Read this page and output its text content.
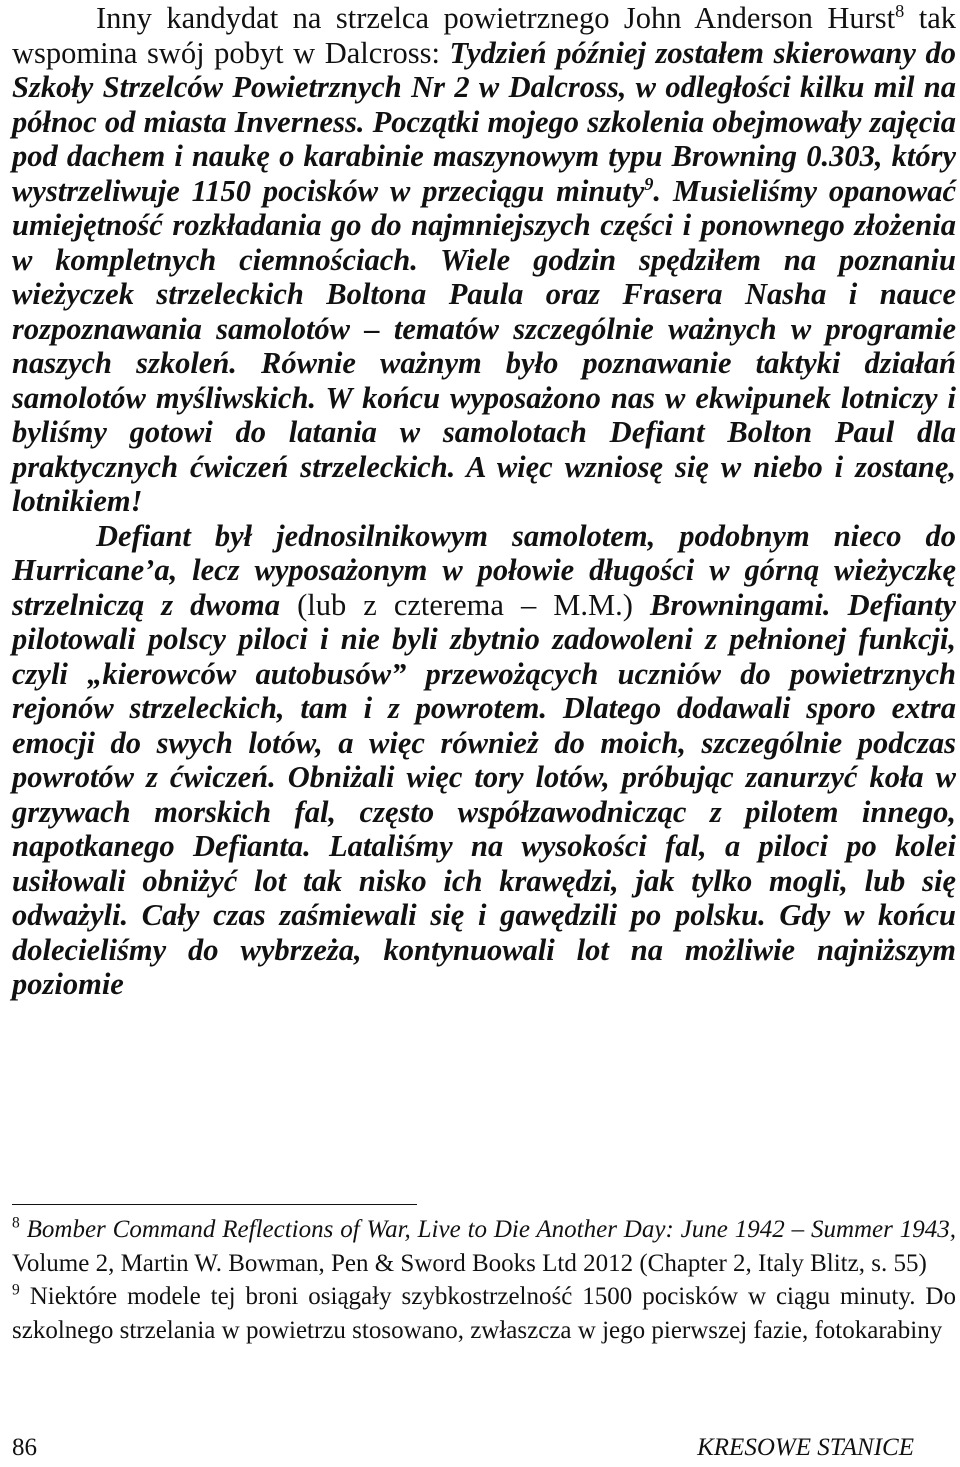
Inny kandydat na strzelca powietrznego John Anderson Hurst$^8$ tak wspomina swój pobyt w Dalcross: Tydzień później zostałem skierowany do Szkoły Strzelców Powietrznych Nr 2 w Dalcross, w odległości kilku mil na północ od miasta Inverness. Początki mojego szkolenia obejmowały zajęcia pod dachem i naukę o karabinie maszynowym typu Browning 0.303, który wystrzeliwuje 1150 pocisków w przeciągu minuty$^9$. Musieliśmy opanować umiejętność rozkładania go do najmniejszych części i ponownego złożenia w kompletnych ciemnościach. Wiele godzin spędziłem na poznaniu wieżyczek strzeleckich Boltona Paula oraz Frasera Nasha i nauce rozpoznawania samolotów – tematów szczególnie ważnych w programie naszych szkoleń. Równie ważnym było poznawanie taktyki działań samolotów myśliwskich. W końcu wyposażono nas w ekwipunek lotniczy i byliśmy gotowi do latania w samolotach Defiant Bolton Paul dla praktycznych ćwiczeń strzeleckich. A więc wzniosę się w niebo i zostanę, lotnikiem!

Defiant był jednosilnikowym samolotem, podobnym nieco do Hurricane’a, lecz wyposażonym w połowie długości w górną wieżyczkę strzelniczą z dwoma (lub z czterema – M.M.) Browningami. Defianty pilotowali polscy piloci i nie byli zbytnio zadowoleni z pełnionej funkcji, czyli „kierowców autobusów” przewożących uczniów do powietrznych rejonów strzeleckich, tam i z powrotem. Dlatego dodawali sporo extra emocji do swych lotów, a więc również do moich, szczególnie podczas powrotów z ćwiczeń. Obniżali więc tory lotów, próbując zanurzyć koła w grzywach morskich fal, często współzawodnicząc z pilotem innego, napotkanego Defianta. Lataliśmy na wysokości fal, a piloci po kolei usiłowali obniżyć lot tak nisko ich krawędzi, jak tylko mogli, lub się odważyli. Cały czas zaśmiewali się i gawędzili po polsku. Gdy w końcu dolecieliśmy do wybrzeża, kontynuowali lot na możliwie najniższym poziomie

$^8$ Bomber Command Reflections of War, Live to Die Another Day: June 1942 – Summer 1943, Volume 2, Martin W. Bowman, Pen & Sword Books Ltd 2012 (Chapter 2, Italy Blitz, s. 55)

$^9$ Niektóre modele tej broni osiągały szybkostrzelność 1500 pocisków w ciągu minuty. Do szkolnego strzelania w powietrzu stosowano, zwłaszcza w jego pierwszej fazie, fotokarabiny

86	KRESOWE STANICE
